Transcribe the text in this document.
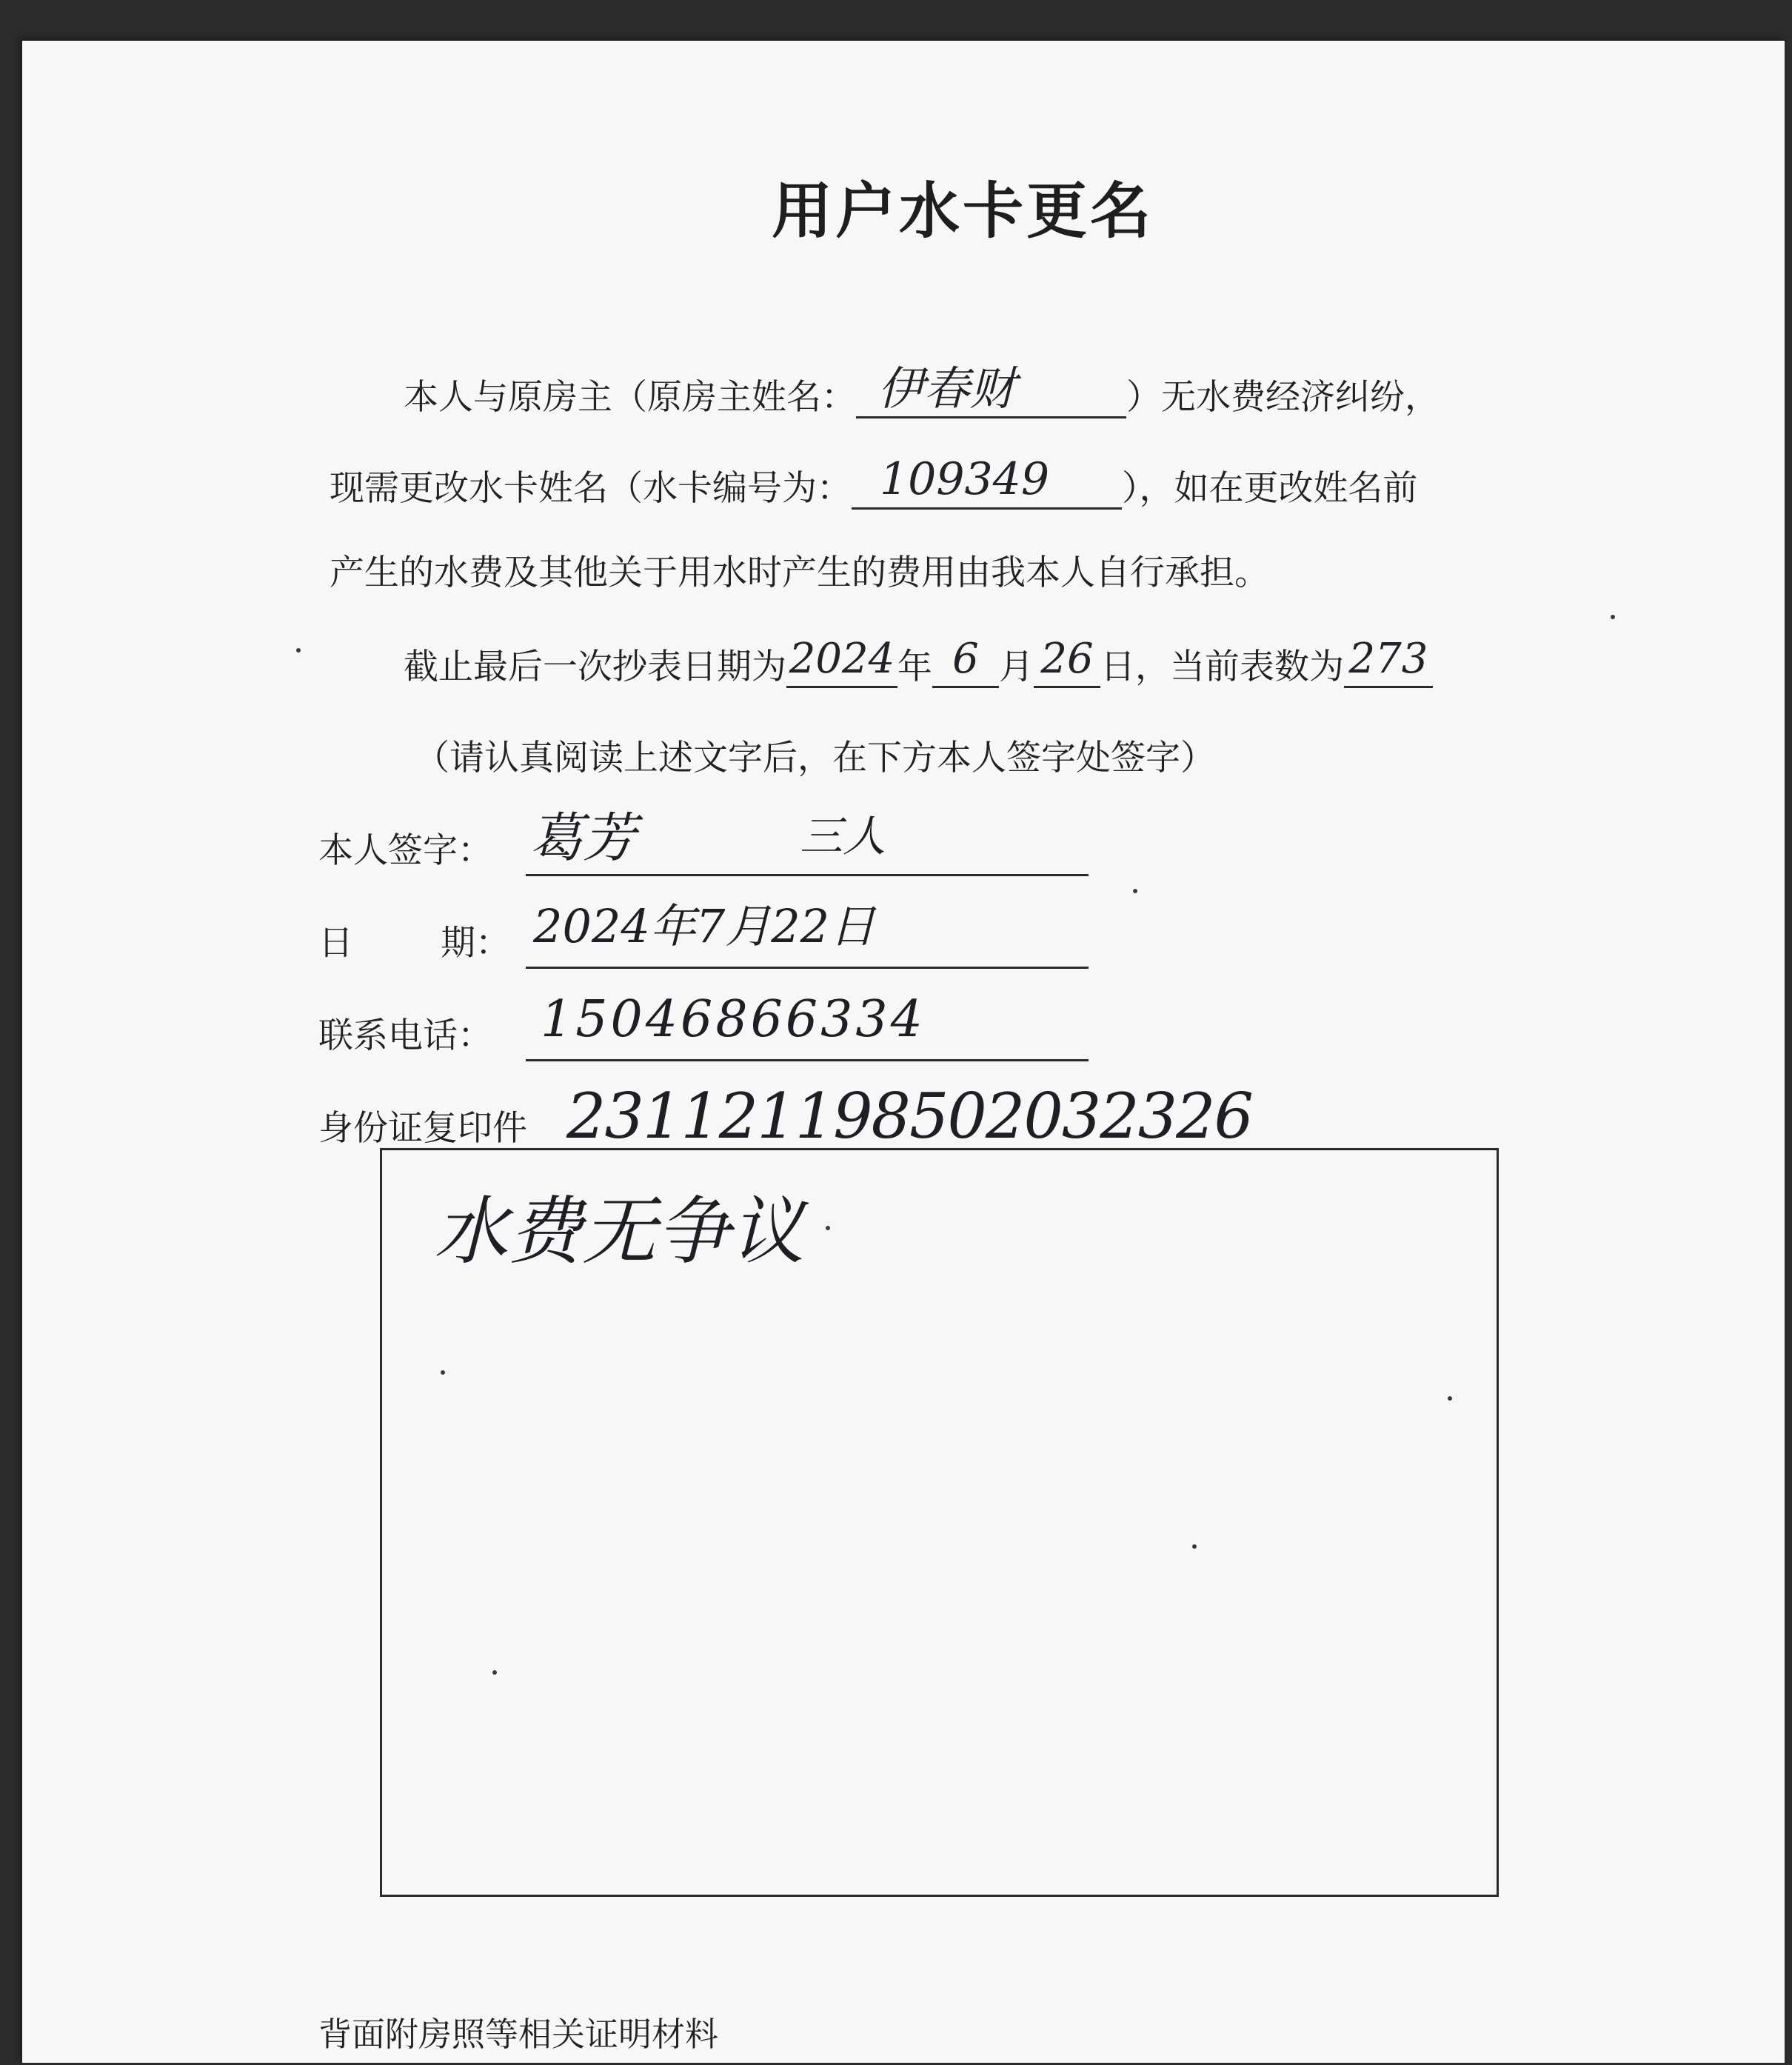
用户水卡更名
本人与原房主（原房主姓名： 伊春财	）无水费经济纠纷，
现需更改水卡姓名（水卡编号为： 109349 ），如在更改姓名前
产生的水费及其他关于用水时产生的费用由我本人自行承担。
截止最后一次抄表日期为2024年 6 月 26 日，当前表数为 273
（请认真阅读上述文字后，在下方本人签字处签字）
本人签字： 葛芳	三人
日	期： 2024年7月22日
联系电话： 15046866334
身份证复印件 231121198502032326
水费无争议
背面附房照等相关证明材料
